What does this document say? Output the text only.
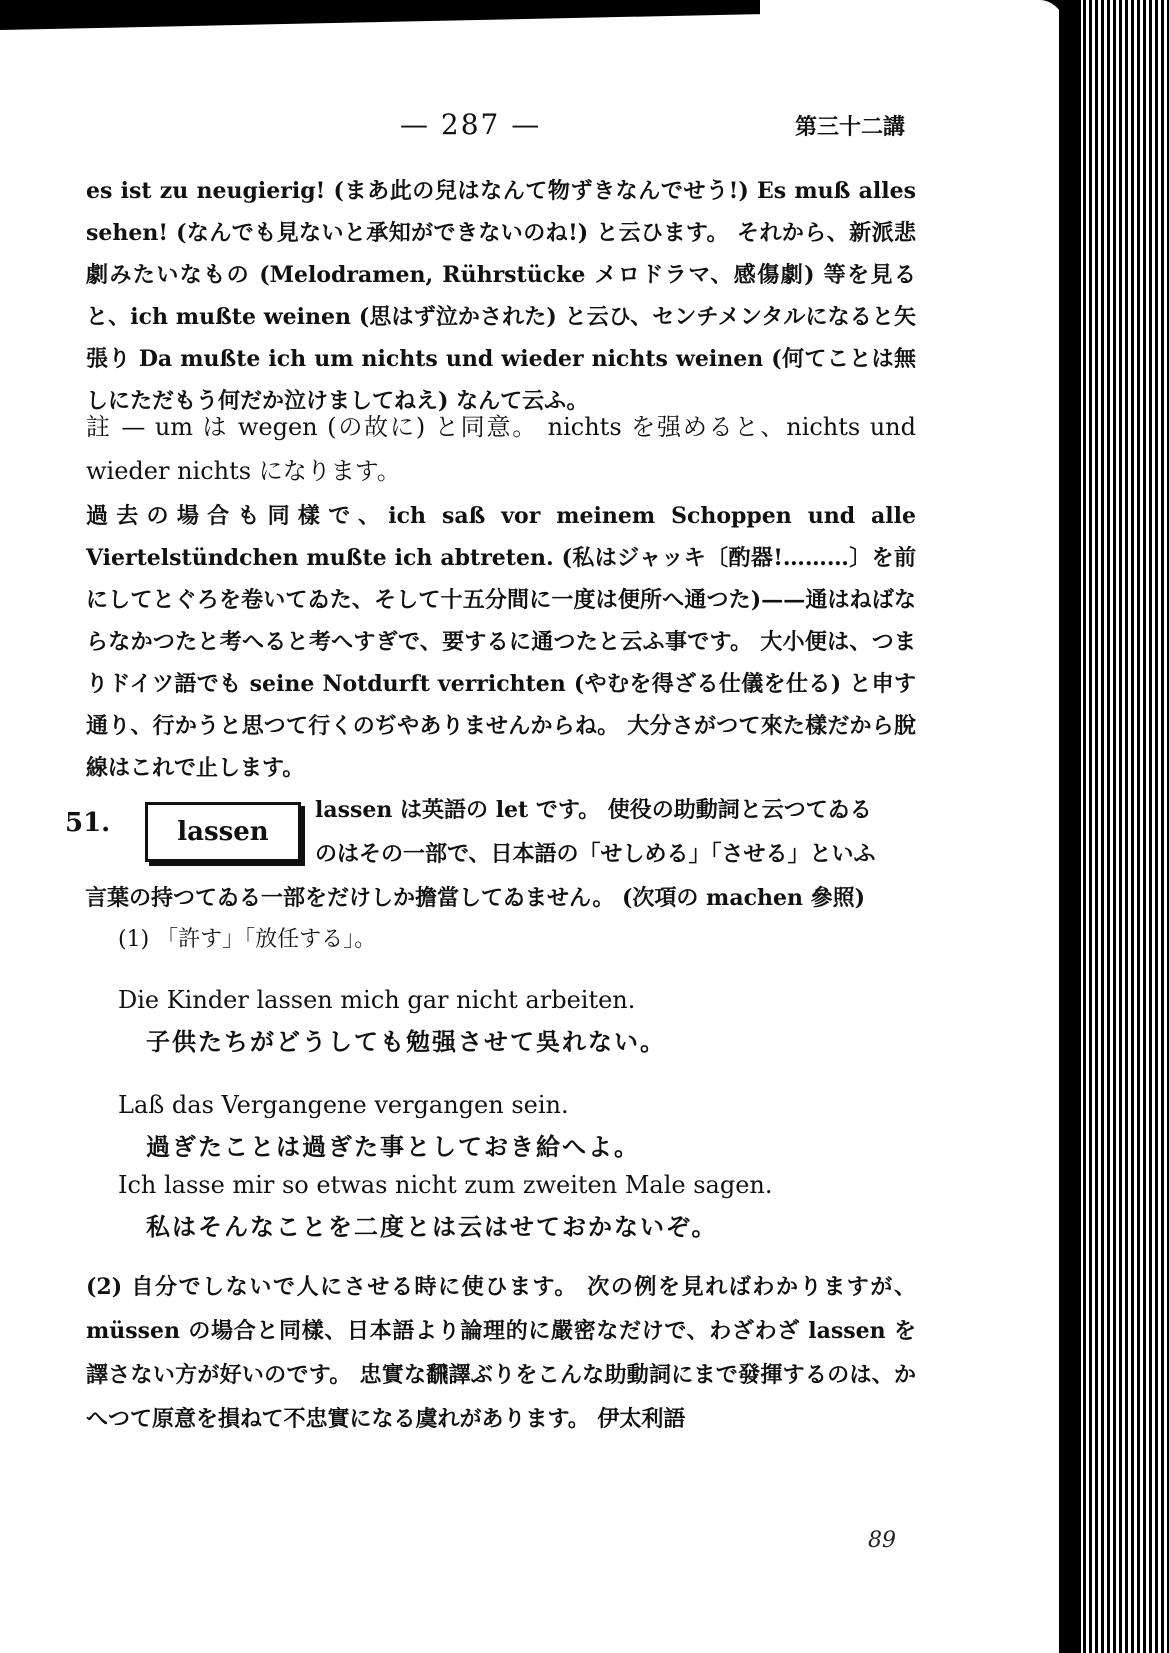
— 287 —	第三十二講

es ist zu neugierig! (まあ此の兒はなんて物ずきなんでせう!) Es muß alles sehen! (なんでも見ないと承知ができないのね!) と云ひます。 それから、新派悲劇みたいなもの (Melodramen, Rührstücke メロドラマ、感傷劇) 等を見ると、ich mußte weinen (思はず泣かされた) と云ひ、センチメンタルになると矢張り Da mußte ich um nichts und wieder nichts weinen (何てことは無しにただもう何だか泣けましてねえ) なんて云ふ。

註 — um は wegen (の故に) と同意。 nichts を强めると、nichts und wieder nichts になります。

過去の場合も同樣で、ich saß vor meinem Schoppen und alle Viertelstündchen mußte ich abtreten. (私はジャッキ〔酌器!………〕を前にしてとぐろを卷いてゐた、そして十五分間に一度は便所へ通つた)——通はねばならなかつたと考へると考へすぎで、要するに通つたと云ふ事です。 大小便は、つまりドイツ語でも seine Notdurft verrichten (やむを得ざる仕儀を仕る) と申す通り、行かうと思つて行くのぢやありませんからね。 大分さがつて來た樣だから脫線はこれで止します。

51.	lassen
lassen は英語の let です。 使役の助動詞と云つてゐる
のはその一部で、日本語の「せしめる」「させる」といふ
言葉の持つてゐる一部をだけしか擔當してゐません。 (次項の machen 參照)
(1) 「許す」「放任する」。
Die Kinder lassen mich gar nicht arbeiten.
子供たちがどうしても勉强させて吳れない。
Laß das Vergangene vergangen sein.
過ぎたことは過ぎた事としておき給へよ。
Ich lasse mir so etwas nicht zum zweiten Male sagen.
私はそんなことを二度とは云はせておかないぞ。
(2) 自分でしないで人にさせる時に使ひます。 次の例を見ればわかりますが、müssen の場合と同樣、日本語より論理的に嚴密なだけで、わざわざ lassen を譯さない方が好いのです。 忠實な飜譯ぶりをこんな助動詞にまで發揮するのは、かへつて原意を損ねて不忠實になる虞れがあります。 伊太利語
89
